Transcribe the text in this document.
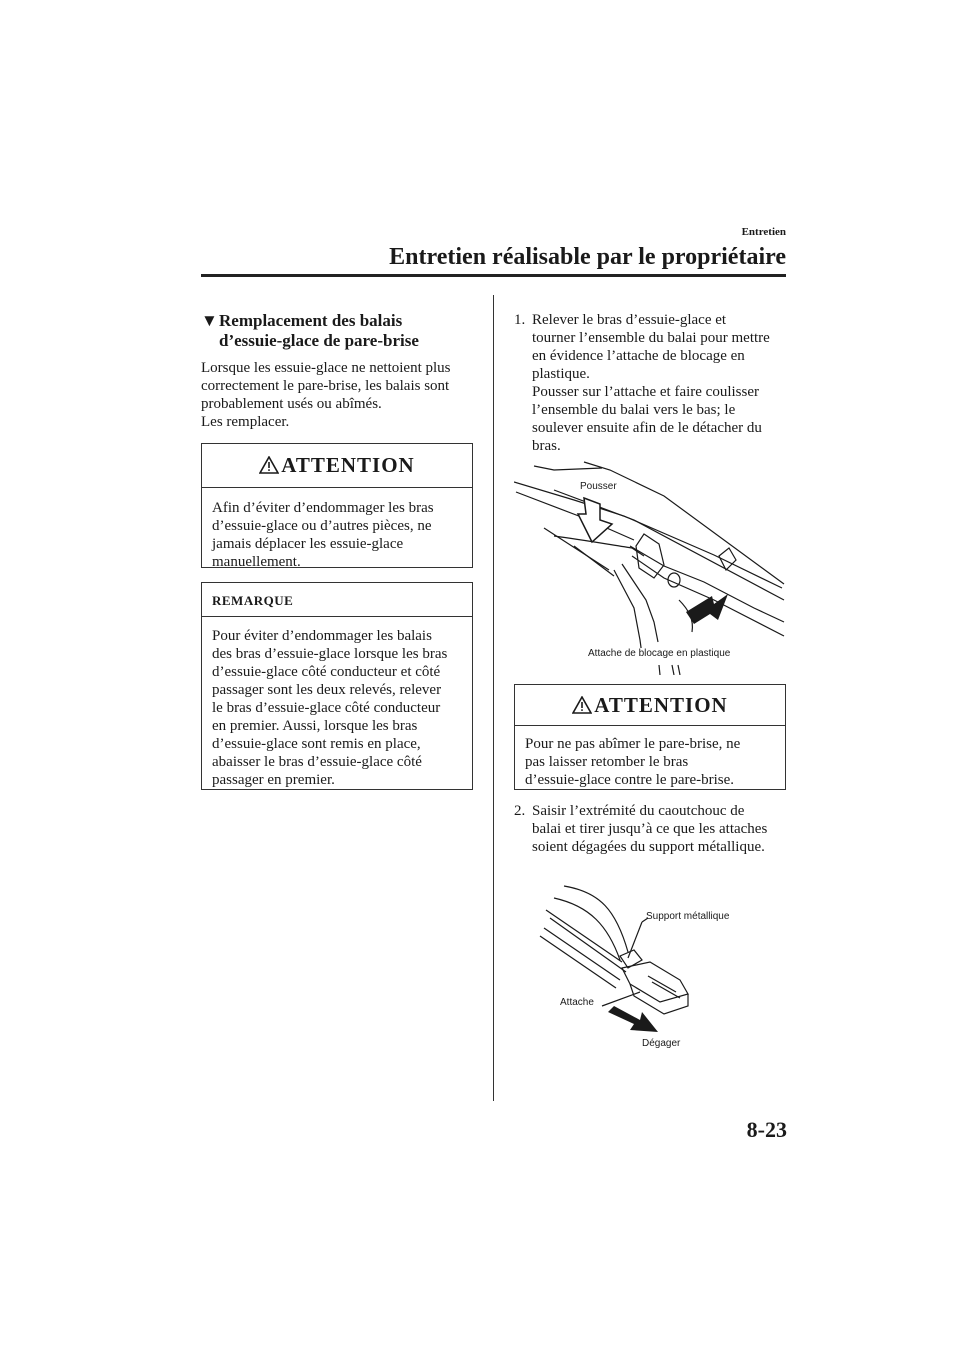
Entretien
Entretien réalisable par le propriétaire
▼Remplacement des balais
d’essuie-glace de pare-brise

Lorsque les essuie-glace ne nettoient plus

correctement le pare-brise, les balais sont

probablement usés ou abîmés.

Les remplacer.

ATTENTION

Afin d’éviter d’endommager les bras

d’essuie-glace ou d’autres pièces, ne

jamais déplacer les essuie-glace

manuellement.

REMARQUE

Pour éviter d’endommager les balais

des bras d’essuie-glace lorsque les bras

d’essuie-glace côté conducteur et côté

passager sont les deux relevés, relever

le bras d’essuie-glace côté conducteur

en premier. Aussi, lorsque les bras

d’essuie-glace sont remis en place,

abaisser le bras d’essuie-glace côté

passager en premier.

1. Relever le bras d’essuie-glace et

tourner l’ensemble du balai pour mettre

en évidence l’attache de blocage en

plastique.

Pousser sur l’attache et faire coulisser

l’ensemble du balai vers le bas; le

soulever ensuite afin de le détacher du

bras.

Pousser
Attache de blocage en plastique
ATTENTION

Pour ne pas abîmer le pare-brise, ne

pas laisser retomber le bras

d’essuie-glace contre le pare-brise.

2. Saisir l’extrémité du caoutchouc de

balai et tirer jusqu’à ce que les attaches

soient dégagées du support métallique.

Support métallique
Attache
Dégager
8-23
